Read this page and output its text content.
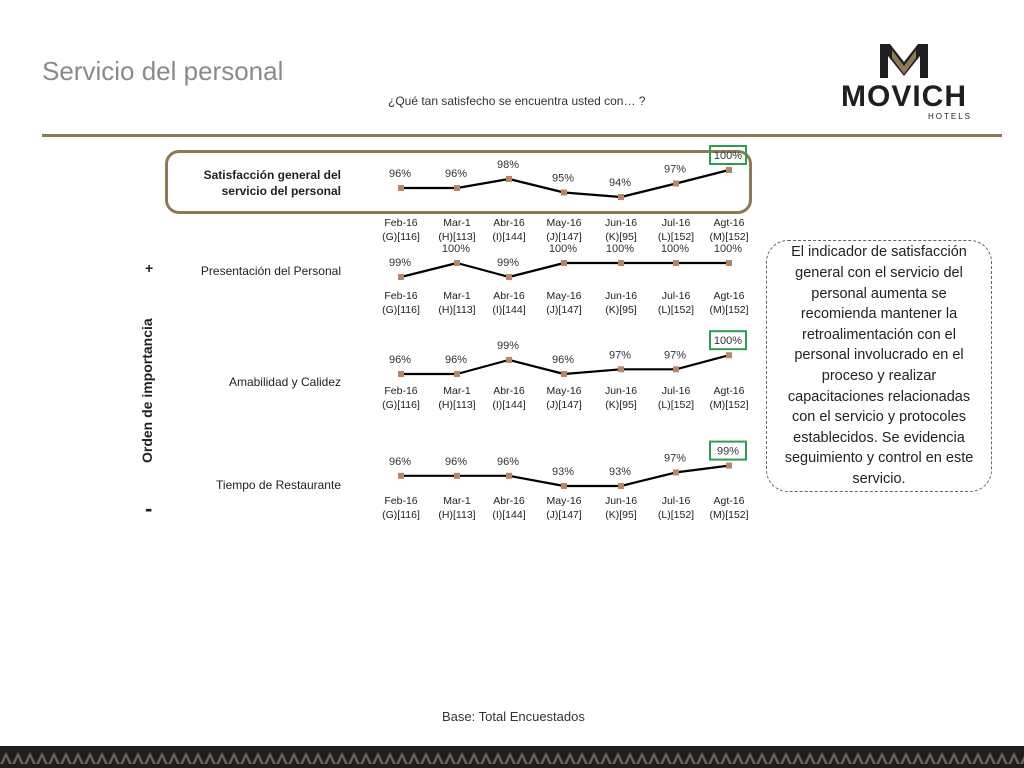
Servicio del personal
¿Qué tan satisfecho se encuentra usted con… ?	MOVICH
HOTELS
Satisfacción general del servicio del personal
Presentación del Personal
Amabilidad y Calidez
Tiempo de Restaurante
+
Orden de importancia
-
96%
Feb-16
(G)[116]
96%
Mar-1
(H)[113]
98%
Abr-16
(I)[144]
95%
May-16
(J)[147]
94%
Jun-16
(K)[95]
97%
Jul-16
(L)[152]
100%
Agt-16
(M)[152]
99%
Feb-16
(G)[116]
100%
Mar-1
(H)[113]
99%
Abr-16
(I)[144]
100%
May-16
(J)[147]
100%
Jun-16
(K)[95]
100%
Jul-16
(L)[152]
100%
Agt-16
(M)[152]
96%
Feb-16
(G)[116]
96%
Mar-1
(H)[113]
99%
Abr-16
(I)[144]
96%
May-16
(J)[147]
97%
Jun-16
(K)[95]
97%
Jul-16
(L)[152]
100%
Agt-16
(M)[152]
96%
Feb-16
(G)[116]
96%
Mar-1
(H)[113]
96%
Abr-16
(I)[144]
93%
May-16
(J)[147]
93%
Jun-16
(K)[95]
97%
Jul-16
(L)[152]
99%
Agt-16
(M)[152]
El indicador de satisfacción general con el servicio del personal aumenta se recomienda mantener la retroalimentación con el personal involucrado en el proceso y realizar capacitaciones relacionadas con el servicio y protocoles establecidos. Se evidencia seguimiento y control en este servicio.
Base: Total Encuestados
